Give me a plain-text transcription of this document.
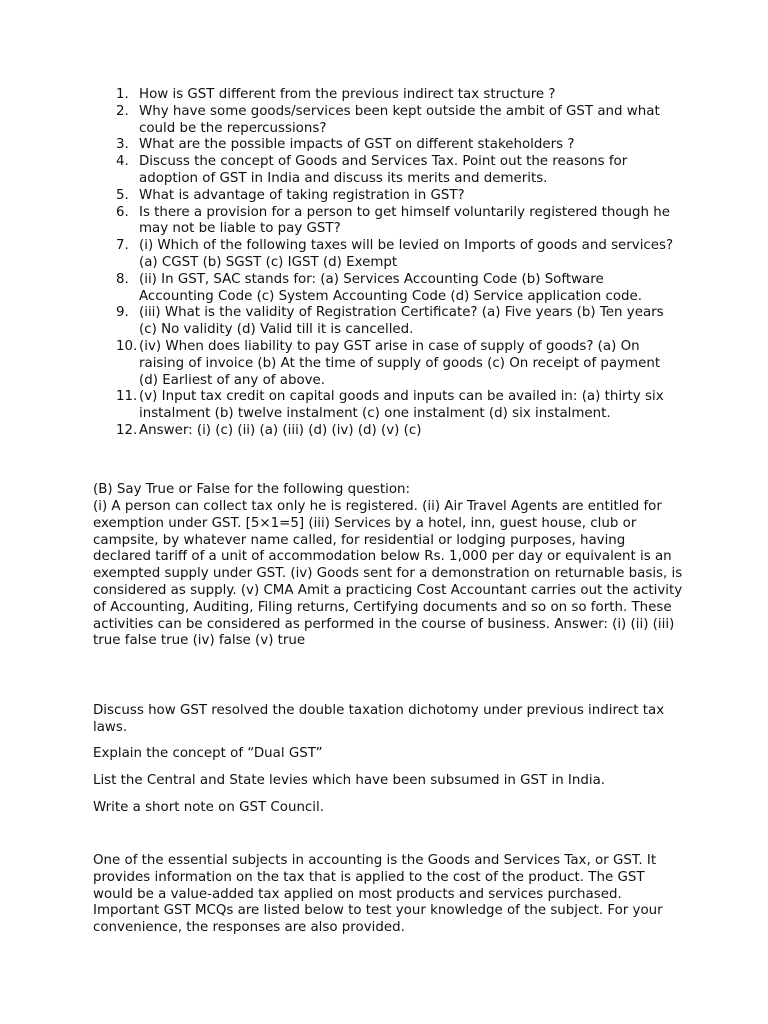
1. How is GST different from the previous indirect tax structure ?
2. Why have some goods/services been kept outside the ambit of GST and what could be the repercussions?
3. What are the possible impacts of GST on different stakeholders ?
4. Discuss the concept of Goods and Services Tax. Point out the reasons for adoption of GST in India and discuss its merits and demerits.
5. What is advantage of taking registration in GST?
6. Is there a provision for a person to get himself voluntarily registered though he may not be liable to pay GST?
7. (i) Which of the following taxes will be levied on Imports of goods and services? (a) CGST (b) SGST (c) IGST (d) Exempt
8. (ii) In GST, SAC stands for: (a) Services Accounting Code (b) Software Accounting Code (c) System Accounting Code (d) Service application code.
9. (iii) What is the validity of Registration Certificate? (a) Five years (b) Ten years (c) No validity (d) Valid till it is cancelled.
10. (iv) When does liability to pay GST arise in case of supply of goods? (a) On raising of invoice (b) At the time of supply of goods (c) On receipt of payment (d) Earliest of any of above.
11. (v) Input tax credit on capital goods and inputs can be availed in: (a) thirty six instalment (b) twelve instalment (c) one instalment (d) six instalment.
12. Answer: (i) (c) (ii) (a) (iii) (d) (iv) (d) (v) (c)

(B) Say True or False for the following question:

(i) A person can collect tax only he is registered. (ii) Air Travel Agents are entitled for exemption under GST. [5×1=5] (iii) Services by a hotel, inn, guest house, club or campsite, by whatever name called, for residential or lodging purposes, having declared tariff of a unit of accommodation below Rs. 1,000 per day or equivalent is an exempted supply under GST. (iv) Goods sent for a demonstration on returnable basis, is considered as supply. (v) CMA Amit a practicing Cost Accountant carries out the activity of Accounting, Auditing, Filing returns, Certifying documents and so on so forth. These activities can be considered as performed in the course of business. Answer: (i) (ii) (iii) true false true (iv) false (v) true

Discuss how GST resolved the double taxation dichotomy under previous indirect tax laws.

Explain the concept of “Dual GST”

List the Central and State levies which have been subsumed in GST in India.

Write a short note on GST Council.

One of the essential subjects in accounting is the Goods and Services Tax, or GST. It provides information on the tax that is applied to the cost of the product. The GST would be a value-added tax applied on most products and services purchased. Important GST MCQs are listed below to test your knowledge of the subject. For your convenience, the responses are also provided.
